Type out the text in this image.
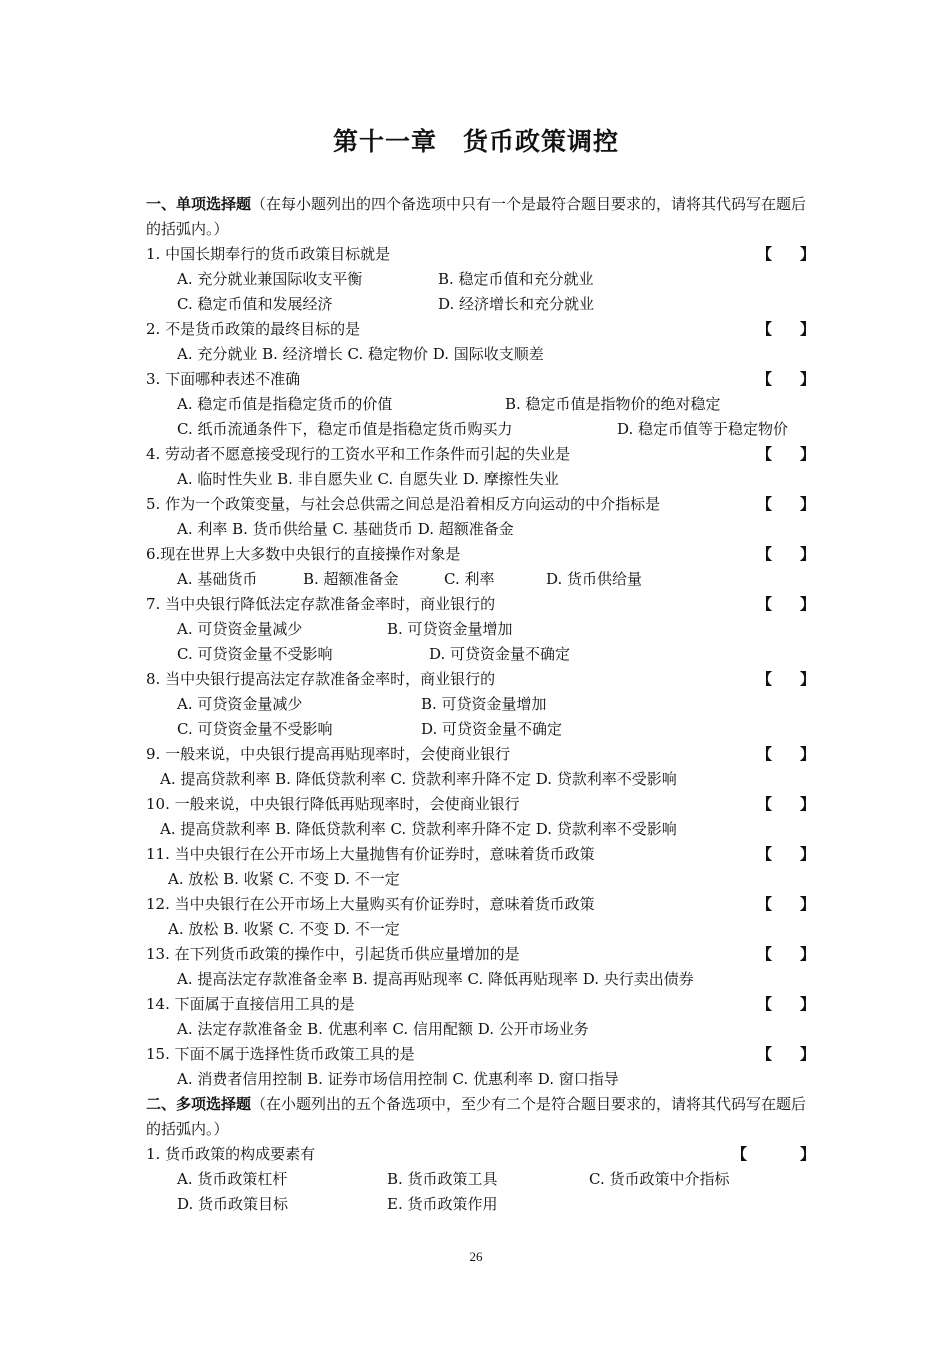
第十一章 货币政策调控
一、单项选择题（在每小题列出的四个备选项中只有一个是最符合题目要求的，请将其代码写在题后的括弧内。）
1. 中国长期奉行的货币政策目标就是	【 】
A. 充分就业兼国际收支平衡	B. 稳定币值和充分就业
C. 稳定币值和发展经济	D. 经济增长和充分就业
2. 不是货币政策的最终目标的是	【 】
A. 充分就业 B. 经济增长 C. 稳定物价 D. 国际收支顺差
3. 下面哪种表述不准确	【 】
A. 稳定币值是指稳定货币的价值	B. 稳定币值是指物价的绝对稳定
C. 纸币流通条件下，稳定币值是指稳定货币购买力	D. 稳定币值等于稳定物价
4. 劳动者不愿意接受现行的工资水平和工作条件而引起的失业是	【 】
A. 临时性失业 B. 非自愿失业 C. 自愿失业 D. 摩擦性失业
5. 作为一个政策变量，与社会总供需之间总是沿着相反方向运动的中介指标是	【 】
A. 利率 B. 货币供给量 C. 基础货币 D. 超额准备金
6.现在世界上大多数中央银行的直接操作对象是	【 】
A. 基础货币	B. 超额准备金	C. 利率	D. 货币供给量
7. 当中央银行降低法定存款准备金率时，商业银行的	【 】
A. 可贷资金量减少	B. 可贷资金量增加
C. 可贷资金量不受影响	D. 可贷资金量不确定
8. 当中央银行提高法定存款准备金率时，商业银行的	【 】
A. 可贷资金量减少	B. 可贷资金量增加
C. 可贷资金量不受影响	D. 可贷资金量不确定
9. 一般来说，中央银行提高再贴现率时，会使商业银行	【 】
A. 提高贷款利率 B. 降低贷款利率 C. 贷款利率升降不定 D. 贷款利率不受影响
10. 一般来说，中央银行降低再贴现率时，会使商业银行	【 】
A. 提高贷款利率 B. 降低贷款利率 C. 贷款利率升降不定 D. 贷款利率不受影响
11. 当中央银行在公开市场上大量抛售有价证券时，意味着货币政策	【 】
A. 放松 B. 收紧 C. 不变 D. 不一定
12. 当中央银行在公开市场上大量购买有价证券时，意味着货币政策	【 】
A. 放松 B. 收紧 C. 不变 D. 不一定
13. 在下列货币政策的操作中，引起货币供应量增加的是	【 】
A. 提高法定存款准备金率 B. 提高再贴现率 C. 降低再贴现率 D. 央行卖出债券
14. 下面属于直接信用工具的是	【 】
A. 法定存款准备金 B. 优惠利率 C. 信用配额 D. 公开市场业务
15. 下面不属于选择性货币政策工具的是	【 】
A. 消费者信用控制 B. 证券市场信用控制 C. 优惠利率 D. 窗口指导
二、多项选择题（在小题列出的五个备选项中，至少有二个是符合题目要求的，请将其代码写在题后的括弧内。）
1. 货币政策的构成要素有	【	】
A. 货币政策杠杆	B. 货币政策工具	C. 货币政策中介指标
D. 货币政策目标	E. 货币政策作用
26
